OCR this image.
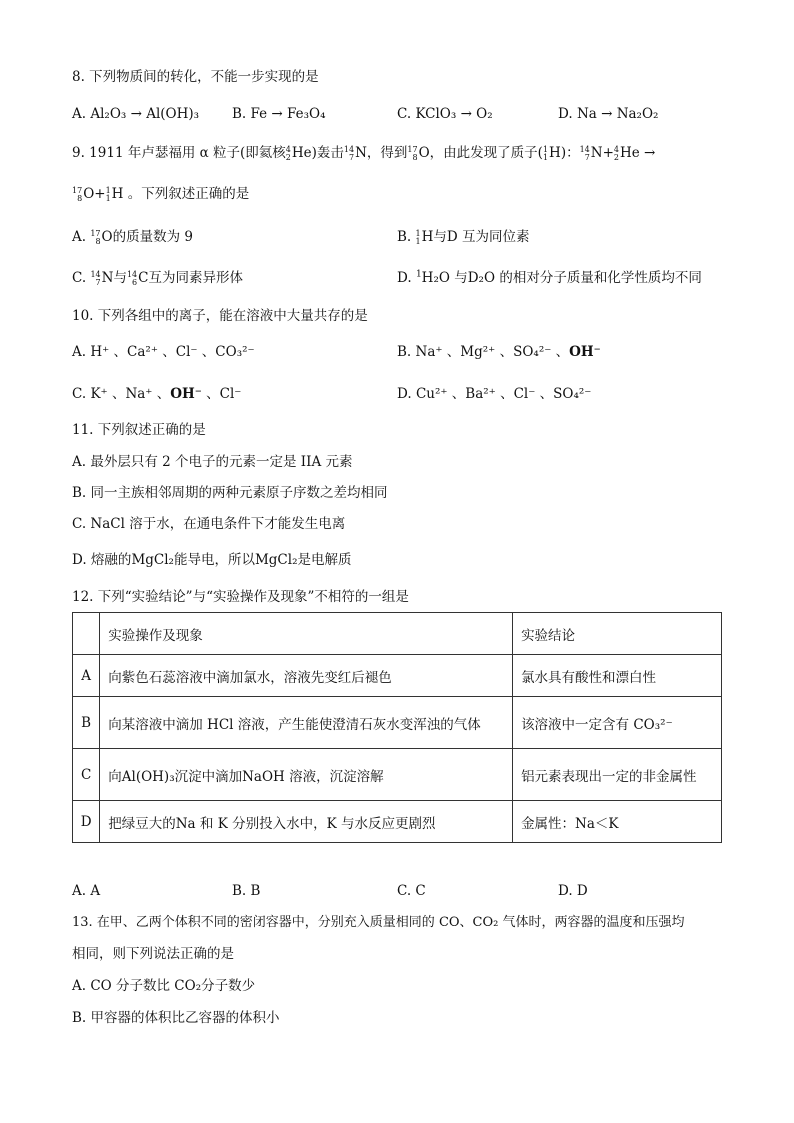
8. 下列物质间的转化，不能一步实现的是
A. Al₂O₃ → Al(OH)₃ B. Fe → Fe₃O₄	C. KClO₃ → O₂	D. Na → Na₂O₂
9. 1911 年卢瑟福用 α 粒子(即氦核 4
2 He)轰击 14
7 N，得到 17
8 O，由此发现了质子( 1
1 H)： 14
7 N+ 4
2 He →
17
8 O+ 1
1 H 。下列叙述正确的是
A. 17
8 O的质量数为 9	B. 1
1 H与D 互为同位素
C. 14
7 N与 14
6 C互为同素异形体	D. $^1$H₂O 与D₂O 的相对分子质量和化学性质均不同
10. 下列各组中的离子，能在溶液中大量共存的是
A. H⁺ 、Ca²⁺ 、Cl⁻ 、CO₃²⁻	B. Na⁺ 、Mg²⁺ 、SO₄²⁻ 、OH⁻
C. K⁺ 、Na⁺ 、OH⁻ 、Cl⁻	D. Cu²⁺ 、Ba²⁺ 、Cl⁻ 、SO₄²⁻
11. 下列叙述正确的是
A. 最外层只有 2 个电子的元素一定是 IIA 元素
B. 同一主族相邻周期的两种元素原子序数之差均相同
C. NaCl 溶于水，在通电条件下才能发生电离
D. 熔融的MgCl₂能导电，所以MgCl₂是电解质
12. 下列“实验结论”与“实验操作及现象”不相符的一组是
	实验操作及现象	实验结论
A	向紫色石蕊溶液中滴加氯水，溶液先变红后褪色	氯水具有酸性和漂白性
B	向某溶液中滴加 HCl 溶液，产生能使澄清石灰水变浑浊的气体	该溶液中一定含有 CO₃²⁻
C	向Al(OH)₃沉淀中滴加NaOH 溶液，沉淀溶解	铝元素表现出一定的非金属性
D	把绿豆大的Na 和 K 分别投入水中，K 与水反应更剧烈	金属性：Na＜K
A. A	B. B	C. C	D. D
13. 在甲、乙两个体积不同的密闭容器中，分别充入质量相同的 CO、CO₂ 气体时，两容器的温度和压强均
相同，则下列说法正确的是
A. CO 分子数比 CO₂分子数少
B. 甲容器的体积比乙容器的体积小
